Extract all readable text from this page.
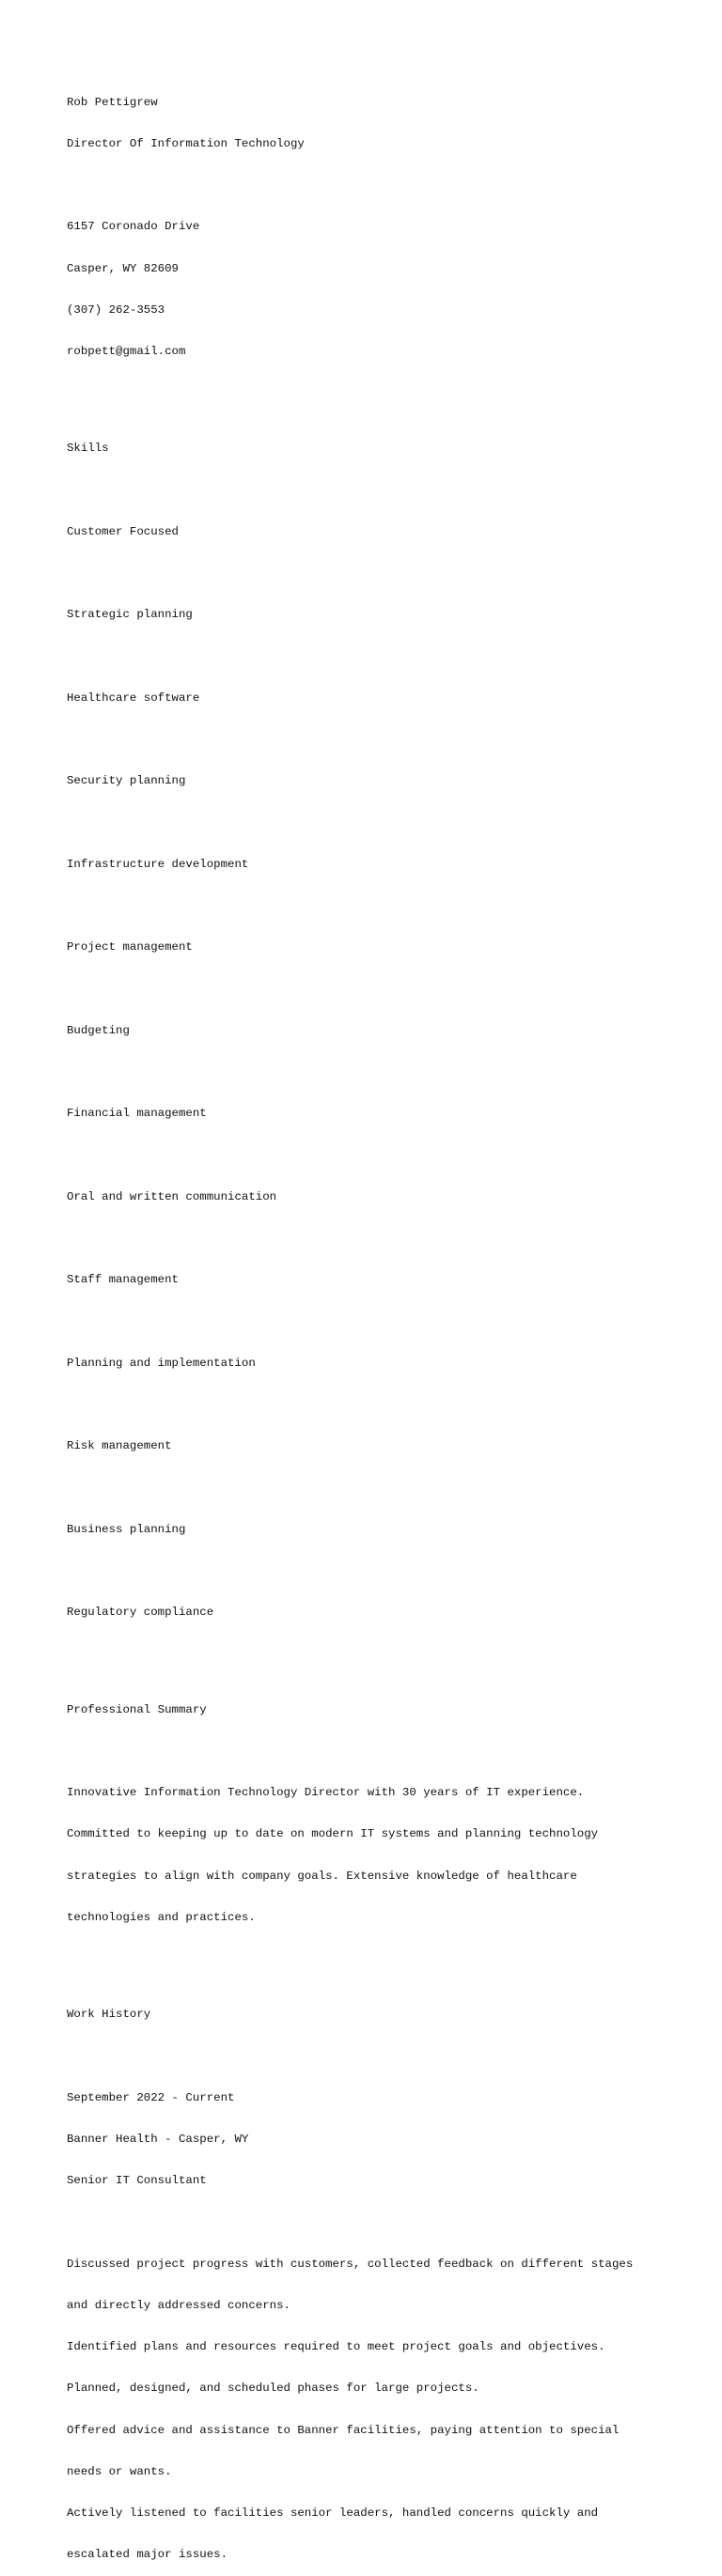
Rob Pettigrew

Director Of Information Technology

6157 Coronado Drive

Casper, WY 82609

(307) 262-3553

robpett@gmail.com

Skills

Customer Focused

Strategic planning

Healthcare software

Security planning

Infrastructure development

Project management

Budgeting

Financial management

Oral and written communication

Staff management

Planning and implementation

Risk management

Business planning

Regulatory compliance

Professional Summary

Innovative Information Technology Director with 30 years of IT experience.

Committed to keeping up to date on modern IT systems and planning technology

strategies to align with company goals. Extensive knowledge of healthcare

technologies and practices.

Work History

September 2022 - Current

Banner Health - Casper, WY

Senior IT Consultant

Discussed project progress with customers, collected feedback on different stages

and directly addressed concerns.

Identified plans and resources required to meet project goals and objectives.

Planned, designed, and scheduled phases for large projects.

Offered advice and assistance to Banner facilities, paying attention to special

needs or wants.

Actively listened to facilities senior leaders, handled concerns quickly and

escalated major issues.
